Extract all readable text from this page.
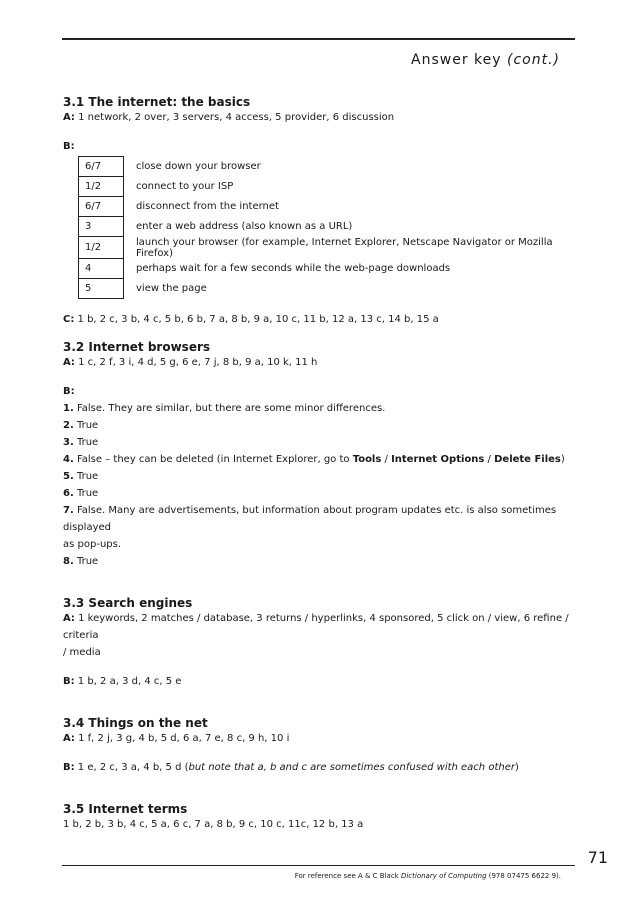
Answer key (cont.)

3.1 The internet: the basics

A: 1 network, 2 over, 3 servers, 4 access, 5 provider, 6 discussion

B:

6/7	close down your browser
1/2	connect to your ISP
6/7	disconnect from the internet
3	enter a web address (also known as a URL)
1/2	launch your browser (for example, Internet Explorer, Netscape Navigator or Mozilla Firefox)
4	perhaps wait for a few seconds while the web-page downloads
5	view the page

C: 1 b, 2 c, 3 b, 4 c, 5 b, 6 b, 7 a, 8 b, 9 a, 10 c, 11 b, 12 a, 13 c, 14 b, 15 a

3.2 Internet browsers

A: 1 c, 2 f, 3 i, 4 d, 5 g, 6 e, 7 j, 8 b, 9 a, 10 k, 11 h

B:

1. False. They are similar, but there are some minor differences.

2. True

3. True

4. False – they can be deleted (in Internet Explorer, go to Tools / Internet Options / Delete Files)

5. True

6. True

7. False. Many are advertisements, but information about program updates etc. is also sometimes displayed

as pop-ups.

8. True

3.3 Search engines

A: 1 keywords, 2 matches / database, 3 returns / hyperlinks, 4 sponsored, 5 click on / view, 6 refine / criteria

/ media

B: 1 b, 2 a, 3 d, 4 c, 5 e

3.4 Things on the net

A: 1 f, 2 j, 3 g, 4 b, 5 d, 6 a, 7 e, 8 c, 9 h, 10 i

B: 1 e, 2 c, 3 a, 4 b, 5 d (but note that a, b and c are sometimes confused with each other)

3.5 Internet terms

1 b, 2 b, 3 b, 4 c, 5 a, 6 c, 7 a, 8 b, 9 c, 10 c, 11c, 12 b, 13 a

71
For reference see A & C Black Dictionary of Computing (978 07475 6622 9).
